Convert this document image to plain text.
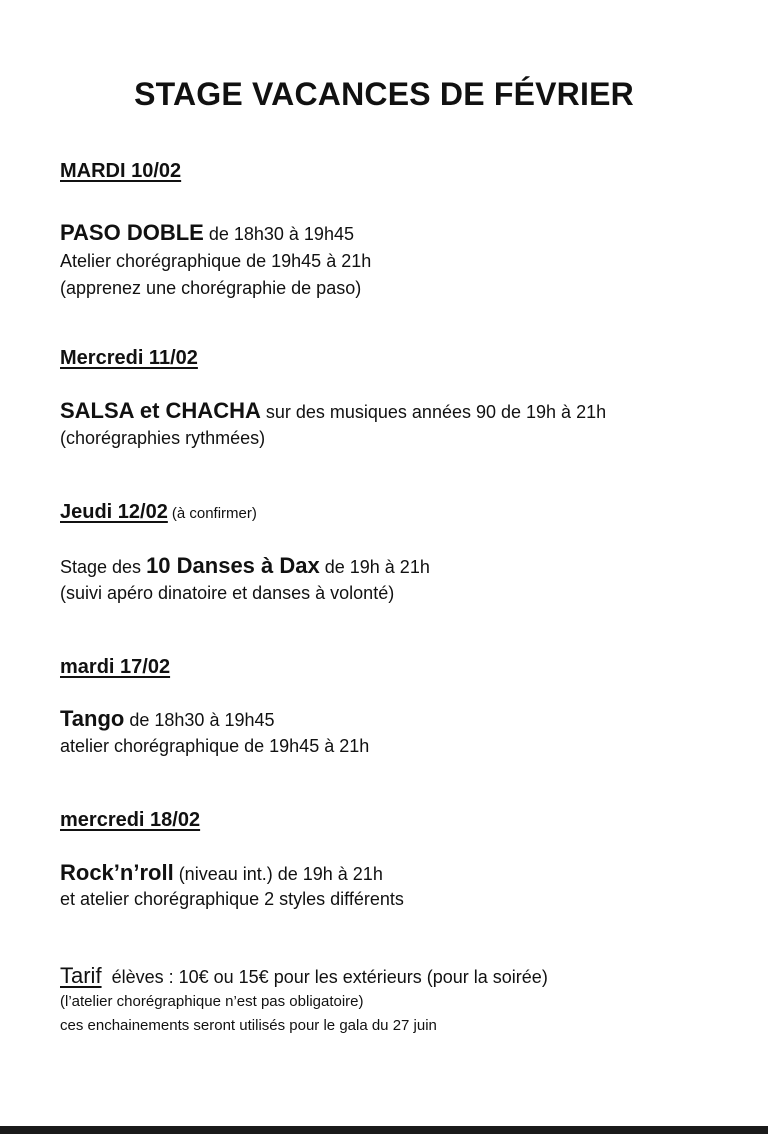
STAGE VACANCES DE FÉVRIER
MARDI 10/02
PASO DOBLE de 18h30 à 19h45
Atelier chorégraphique de 19h45 à 21h
(apprenez une chorégraphie de paso)
Mercredi 11/02
SALSA et CHACHA sur des musiques années 90 de 19h à 21h
(chorégraphies rythmées)
Jeudi 12/02 (à confirmer)
Stage des 10 Danses à Dax de 19h à 21h
(suivi apéro dinatoire et danses à volonté)
mardi 17/02
Tango de 18h30 à 19h45
atelier chorégraphique de 19h45 à 21h
mercredi 18/02
Rock’n’roll (niveau int.) de 19h à 21h
et atelier chorégraphique 2 styles différents
Tarif  élèves : 10€ ou 15€ pour les extérieurs (pour la soirée)
(l’atelier chorégraphique n’est pas obligatoire)
ces enchainements seront utilisés pour le gala du 27 juin
